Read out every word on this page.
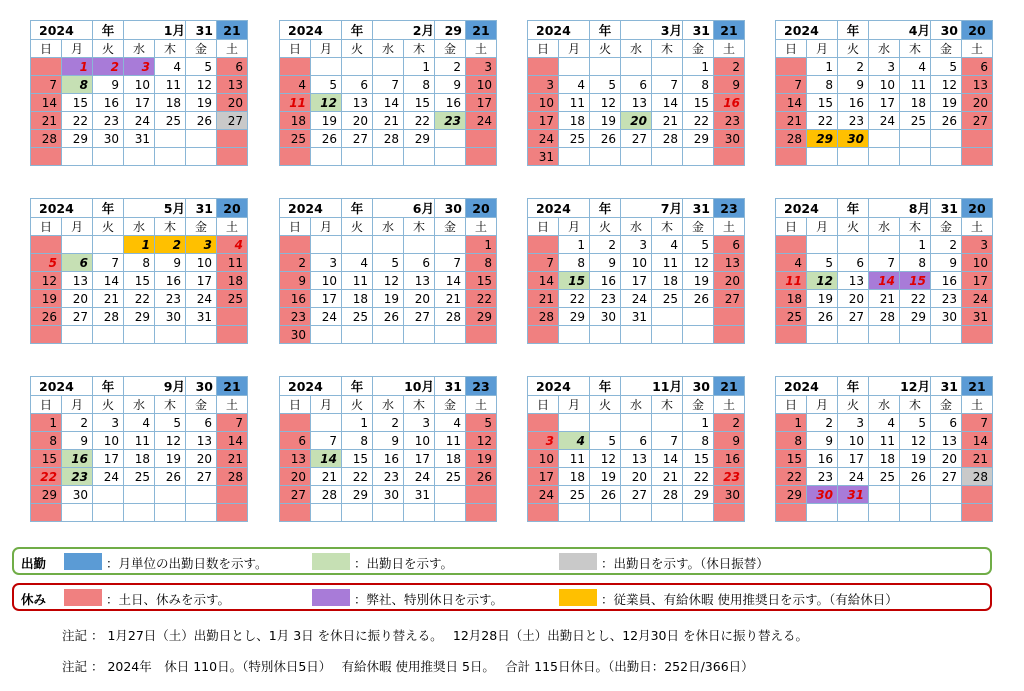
2024		年	1月		31	21
日	月	火	水	木	金	土
	1	2	3	4	5	6
7	8	9	10	11	12	13
14	15	16	17	18	19	20
21	22	23	24	25	26	27
28	29	30	31			

2024		年	2月		29	21
日	月	火	水	木	金	土
				1	2	3
4	5	6	7	8	9	10
11	12	13	14	15	16	17
18	19	20	21	22	23	24
25	26	27	28	29		

2024		年	3月		31	21
日	月	火	水	木	金	土
					1	2
3	4	5	6	7	8	9
10	11	12	13	14	15	16
17	18	19	20	21	22	23
24	25	26	27	28	29	30
31						
2024		年	4月		30	20
日	月	火	水	木	金	土
	1	2	3	4	5	6
7	8	9	10	11	12	13
14	15	16	17	18	19	20
21	22	23	24	25	26	27
28	29	30				

2024		年	5月		31	20
日	月	火	水	木	金	土
			1	2	3	4
5	6	7	8	9	10	11
12	13	14	15	16	17	18
19	20	21	22	23	24	25
26	27	28	29	30	31	

2024		年	6月		30	20
日	月	火	水	木	金	土
						1
2	3	4	5	6	7	8
9	10	11	12	13	14	15
16	17	18	19	20	21	22
23	24	25	26	27	28	29
30						
2024		年	7月		31	23
日	月	火	水	木	金	土
	1	2	3	4	5	6
7	8	9	10	11	12	13
14	15	16	17	18	19	20
21	22	23	24	25	26	27
28	29	30	31			

2024		年	8月		31	20
日	月	火	水	木	金	土
				1	2	3
4	5	6	7	8	9	10
11	12	13	14	15	16	17
18	19	20	21	22	23	24
25	26	27	28	29	30	31

2024		年	9月		30	21
日	月	火	水	木	金	土
1	2	3	4	5	6	7
8	9	10	11	12	13	14
15	16	17	18	19	20	21
22	23	24	25	26	27	28
29	30					

2024		年	10月		31	23
日	月	火	水	木	金	土
		1	2	3	4	5
6	7	8	9	10	11	12
13	14	15	16	17	18	19
20	21	22	23	24	25	26
27	28	29	30	31		

2024		年	11月		30	21
日	月	火	水	木	金	土
					1	2
3	4	5	6	7	8	9
10	11	12	13	14	15	16
17	18	19	20	21	22	23
24	25	26	27	28	29	30

2024		年	12月		31	21
日	月	火	水	木	金	土
1	2	3	4	5	6	7
8	9	10	11	12	13	14
15	16	17	18	19	20	21
22	23	24	25	26	27	28
29	30	31				

出勤	：月単位の出勤日数を示す。	：出勤日を示す。	：出勤日を示す。（休日振替）
休み	：土日、休みを示す。	：弊社、特別休日を示す。	：従業員、有給休暇 使用推奨日を示す。（有給休日）
注記 ： 1月27日（土）出勤日とし、1月 3日 を休日に振り替える。　 12月28日（土）出勤日とし、12月30日 を休日に振り替える。
注記 ： 2024年　休日 110日。（特別休日5日）　 有給休暇 使用推奨日 5日。　 合計 115日休日。（出勤日：252日/366日）
